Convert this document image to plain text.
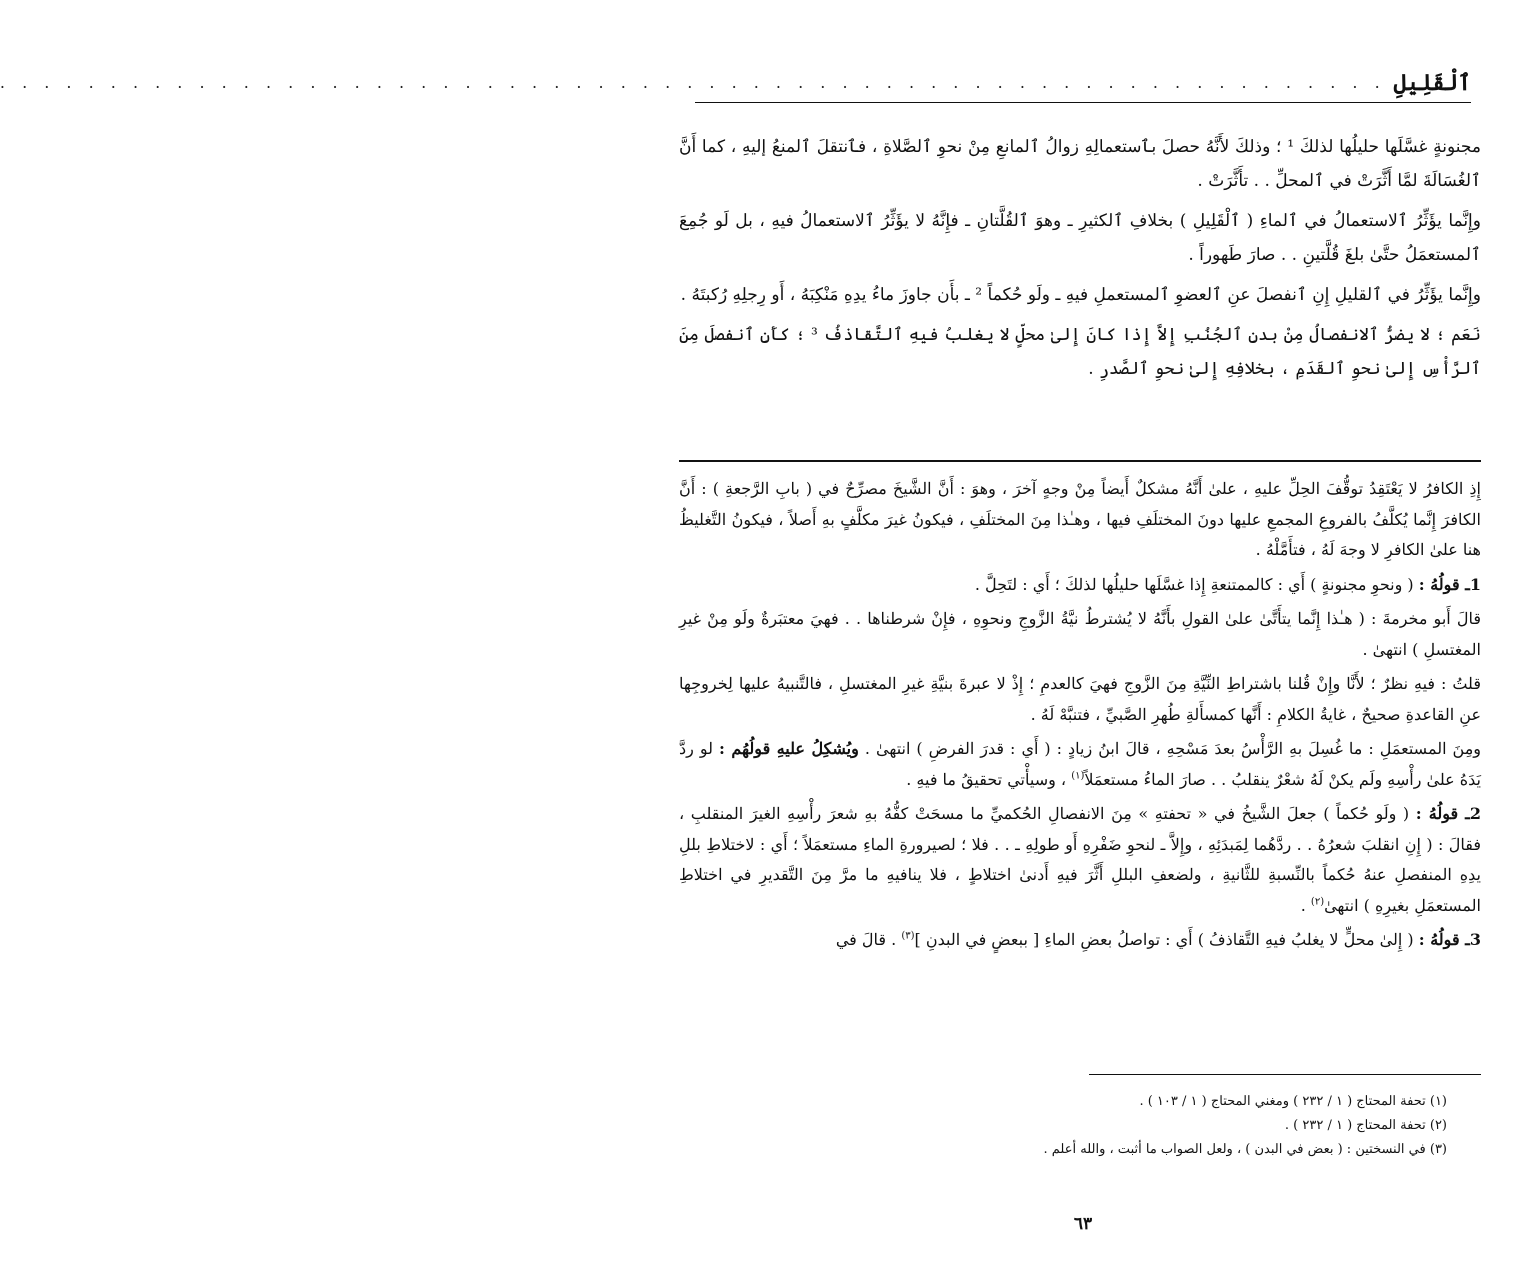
ٱلْقَلِيلِ
. . . . . . . . . . . . . . . . . . . . . . . . . . . . . . . . . . . . . . . . . . . . . . . . . . . . . . . . . . . . . . .

مجنونةٍ غسَّلَها حليلُها لذلكَ ¹ ؛ وذلكَ لأَنَّهُ حصلَ بٱستعمالِهِ زوالُ ٱلمانعِ مِنْ نحوِ ٱلصَّلاةِ ، فٱنتقلَ ٱلمنعُ إليهِ ، كما أَنَّ ٱلغُسَالَةَ لمَّا أَثَّرَتْ في ٱلمحلِّ . . تأَثَّرَتْ .

وإِنَّما يؤَثِّرُ ٱلاستعمالُ في ٱلماءِ ( ٱلْقَلِيلِ ) بخلافِ ٱلكثيرِ ـ وهوَ ٱلقُلَّتانِ ـ فإِنَّهُ لا يؤَثِّرُ ٱلاستعمالُ فيهِ ، بل لَو جُمِعَ ٱلمستعمَلُ حتَّىٰ بلغَ قُلَّتينِ . . صارَ طَهوراً .

وإِنَّما يؤَثِّرُ في ٱلقليلِ إِنِ ٱنفصلَ عنِ ٱلعضوِ ٱلمستعملِ فيهِ ـ ولَو حُكماً ² ـ بأَن جاوزَ ماءُ يدِهِ مَنْكِبَهُ ، أَو رِجلِهِ رُكبتَهُ .

نَعَم ؛ لا يضرُّ ٱلانفصالُ مِنْ بدنِ ٱلجُنُبِ إِلاَّ إِذا كانَ إِلىٰ محلٍّ لا يغلبُ فيهِ ٱلتَّقاذفُ ³ ؛ كأَنِ ٱنفصلَ مِنَ ٱلرَّأْسِ إِلىٰ نحوِ ٱلقَدَمِ ، بخلافِهِ إِلىٰ نحوِ ٱلصَّدرِ .

إِذِ الكافرُ لا يَعْتَقِدُ توقُّفَ الحِلِّ عليهِ ، علىٰ أَنَّهُ مشكلٌ أَيضاً مِنْ وجهٍ آخرَ ، وهوَ : أَنَّ الشَّيخَ مصرِّحٌ في ( بابِ الرَّجعةِ ) : أَنَّ الكافرَ إِنَّما يُكلَّفُ بالفروعِ المجمعِ عليها دونَ المختلَفِ فيها ، وهـٰذا مِنَ المختلَفِ ، فيكونُ غيرَ مكلَّفٍ بهِ أَصلاً ، فيكونُ التَّغليظُ هنا علىٰ الكافرِ لا وجهَ لَهُ ، فتأَمَّلْهُ .

1ـ قولُهُ : ( ونحوِ مجنونةٍ ) أَي : كالممتنعةِ إِذا غسَّلَها حليلُها لذلكَ ؛ أَي : لتَحِلَّ .

قالَ أَبو مخرمةَ : ( هـٰذا إِنَّما يتأَتَّىٰ علىٰ القولِ بأَنَّهُ لا يُشترطُ نيَّةُ الزَّوجِ ونحوِهِ ، فإِنْ شرطناها . . فهيَ معتبَرةٌ ولَو مِنْ غيرِ المغتسلِ ) انتهىٰ .

قلتُ : فيهِ نظرٌ ؛ لأَنَّا وإِنْ قُلنا باشتراطِ النِّيَّةِ مِنَ الزَّوجِ فهيَ كالعدمِ ؛ إِذْ لا عبرةَ بنيَّةِ غيرِ المغتسلِ ، فالتَّنبيهُ عليها لِخروجِها عنِ القاعدةِ صحيحٌ ، غايةُ الكلامِ : أَنَّها كمسأَلةِ طُهرِ الصَّبيِّ ، فتنبَّهْ لَهُ .

ومِنَ المستعمَلِ : ما غُسِلَ بهِ الرَّأْسُ بعدَ مَسْحِهِ ، قالَ ابنُ زيادٍ : ( أَي : قدرَ الفرضِ ) انتهىٰ . ويُشكِلُ عليهِ قولُهُم : لو ردَّ يَدَهُ علىٰ رأْسِهِ ولَم يكنْ لَهُ شعْرٌ ينقلبُ . . صارَ الماءُ مستعمَلاً$^{(١)}$ ، وسيأْتي تحقيقُ ما فيهِ .

2ـ قولُهُ : ( ولَو حُكماً ) جعلَ الشَّيخُ في « تحفتهِ » مِنَ الانفصالِ الحُكميِّ ما مسحَتْ كفُّهُ بهِ شعرَ رأْسِهِ الغيرَ المنقلبِ ، فقالَ : ( إِنِ انقلبَ شعرُهُ . . ردَّهُما لِمَبدَئِهِ ، وإِلاَّ ـ لنحوِ ضَفْرِهِ أَو طولِهِ ـ . . فلا ؛ لصيرورةِ الماءِ مستعمَلاً ؛ أَي : لاختلاطِ بللِ يدِهِ المنفصلِ عنهُ حُكماً بالنِّسبةِ للثَّانيةِ ، ولضعفِ البللِ أَثَّرَ فيهِ أَدنىٰ اختلاطٍ ، فلا ينافيهِ ما مرَّ مِنَ التَّقديرِ في اختلاطِ المستعمَلِ بغيرِهِ ) انتهىٰ$^{(٢)}$ .

3ـ قولُهُ : ( إِلىٰ محلٍّ لا يغلبُ فيهِ التَّقاذفُ ) أَي : تواصلُ بعضِ الماءِ [ ببعضٍ في البدنِ ]$^{(٣)}$ . قالَ في

(١) تحفة المحتاج ( ١ / ٢٣٢ ) ومغني المحتاج ( ١ / ١٠٣ ) .

(٢) تحفة المحتاج ( ١ / ٢٣٢ ) .

(٣) في النسختين : ( بعض في البدن ) ، ولعل الصواب ما أثبت ، والله أعلم .

٦٣
